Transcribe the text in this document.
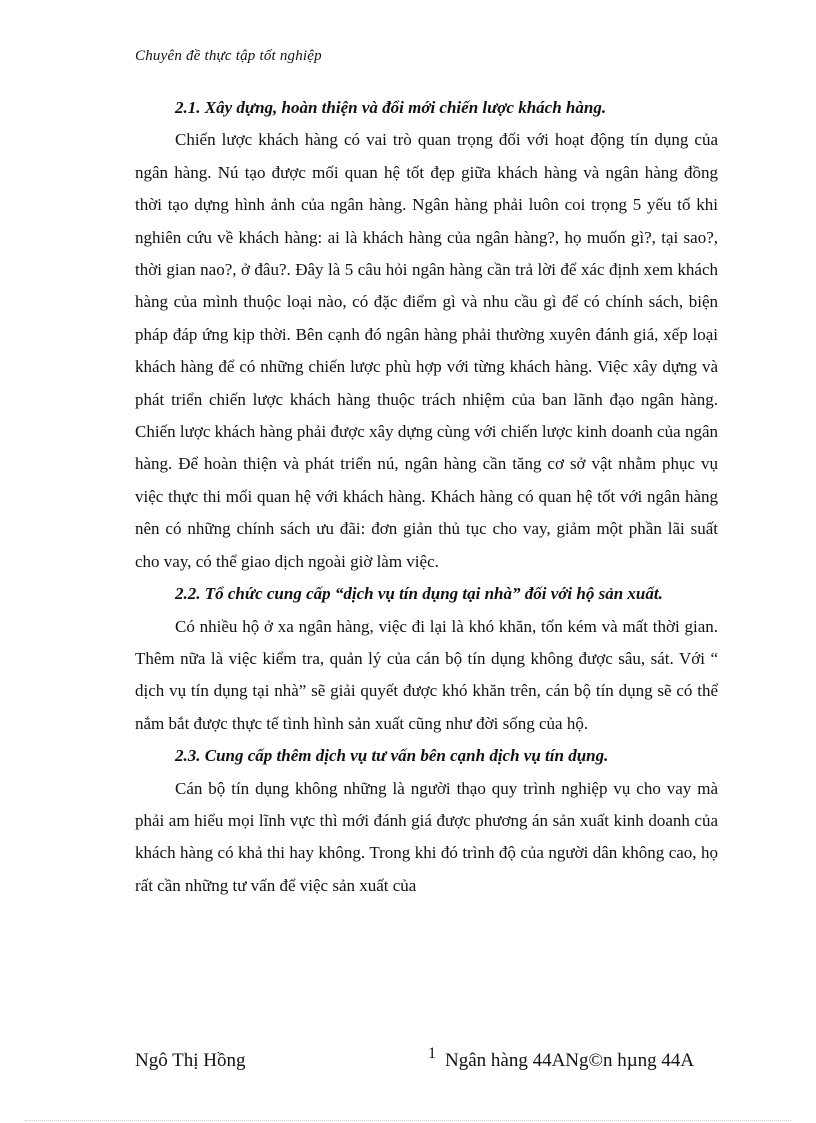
Chuyên đề thực tập tốt nghiệp

2.1. Xây dựng, hoàn thiện và đổi mới chiến lược khách hàng.

Chiến lược khách hàng có vai trò quan trọng đối với hoạt động tín dụng của ngân hàng. Nú tạo được mối quan hệ tốt đẹp giữa khách hàng và ngân hàng đồng thời tạo dựng hình ảnh của ngân hàng. Ngân hàng phải luôn coi trọng 5 yếu tố khi nghiên cứu về khách hàng: ai là khách hàng của ngân hàng?, họ muốn gì?, tại sao?, thời gian nao?, ở đâu?. Đây là 5 câu hỏi ngân hàng cần trả lời để xác định xem khách hàng của mình thuộc loại nào, có đặc điểm gì và nhu cầu gì để có chính sách, biện pháp đáp ứng kịp thời. Bên cạnh đó ngân hàng phải thường xuyên đánh giá, xếp loại khách hàng để có những chiến lược phù hợp với từng khách hàng. Việc xây dựng và phát triển chiến lược khách hàng thuộc trách nhiệm của ban lãnh đạo ngân hàng. Chiến lược khách hàng phải được xây dựng cùng với chiến lược kinh doanh của ngân hàng. Để hoàn thiện và phát triển nú, ngân hàng cần tăng cơ sở vật nhằm phục vụ việc thực thi mối quan hệ với khách hàng. Khách hàng có quan hệ tốt với ngân hàng nên có những chính sách ưu đãi: đơn giản thủ tục cho vay, giảm một phần lãi suất cho vay, có thể giao dịch ngoài giờ làm việc.

2.2. Tổ chức cung cấp “dịch vụ tín dụng tại nhà” đối với hộ sản xuất.

Có nhiều hộ ở xa ngân hàng, việc đi lại là khó khăn, tốn kém và mất thời gian. Thêm nữa là việc kiểm tra, quản lý của cán bộ tín dụng không được sâu, sát. Với “ dịch vụ tín dụng tại nhà” sẽ giải quyết được khó khăn trên, cán bộ tín dụng sẽ có thể nắm bắt được thực tế tình hình sản xuất cũng như đời sống của hộ.

2.3. Cung cấp thêm dịch vụ tư vấn bên cạnh dịch vụ tín dụng.

Cán bộ tín dụng không những là người thạo quy trình nghiệp vụ cho vay mà phải am hiểu mọi lĩnh vực thì mới đánh giá được phương án sản xuất kinh doanh của khách hàng có khả thi hay không. Trong khi đó trình độ của người dân không cao, họ rất cần những tư vấn để việc sản xuất của

Ngô Thị Hồng	1 Ngân hàng 44ANg©n hµng 44A
